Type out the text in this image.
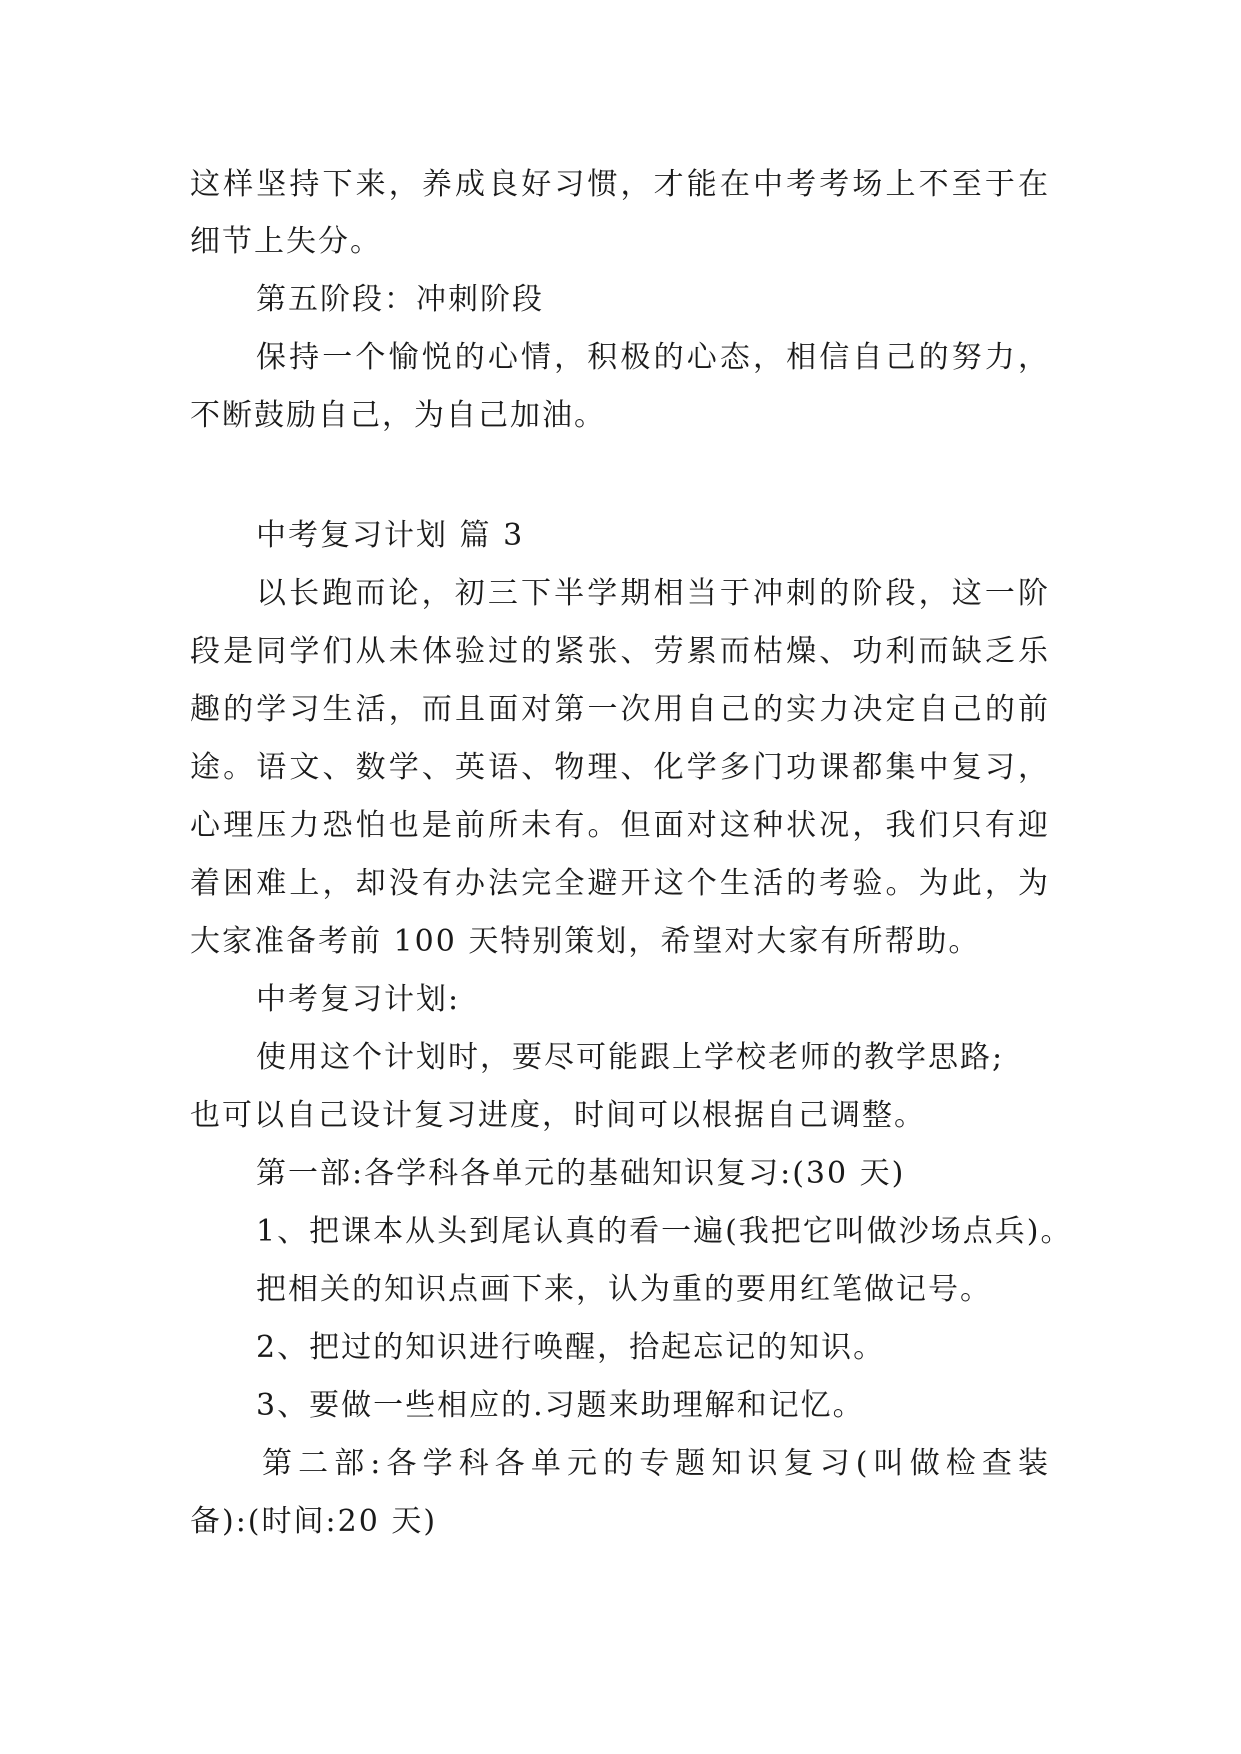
这样坚持下来，养成良好习惯，才能在中考考场上不至于在
细节上失分。
第五阶段：冲刺阶段
保持一个愉悦的心情，积极的心态，相信自己的努力，
不断鼓励自己，为自己加油。
中考复习计划 篇 3
以长跑而论，初三下半学期相当于冲刺的阶段，这一阶
段是同学们从未体验过的紧张、劳累而枯燥、功利而缺乏乐
趣的学习生活，而且面对第一次用自己的实力决定自己的前
途。语文、数学、英语、物理、化学多门功课都集中复习，
心理压力恐怕也是前所未有。但面对这种状况，我们只有迎
着困难上，却没有办法完全避开这个生活的考验。为此，为
大家准备考前 100 天特别策划，希望对大家有所帮助。
中考复习计划:
使用这个计划时，要尽可能跟上学校老师的教学思路;
也可以自己设计复习进度，时间可以根据自己调整。
第一部:各学科各单元的基础知识复习:(30 天)
1、把课本从头到尾认真的看一遍(我把它叫做沙场点兵)。
把相关的知识点画下来，认为重的要用红笔做记号。
2、把过的知识进行唤醒，拾起忘记的知识。
3、要做一些相应的.习题来助理解和记忆。
第二部:各学科各单元的专题知识复习(叫做检查装
备):(时间:20 天)
